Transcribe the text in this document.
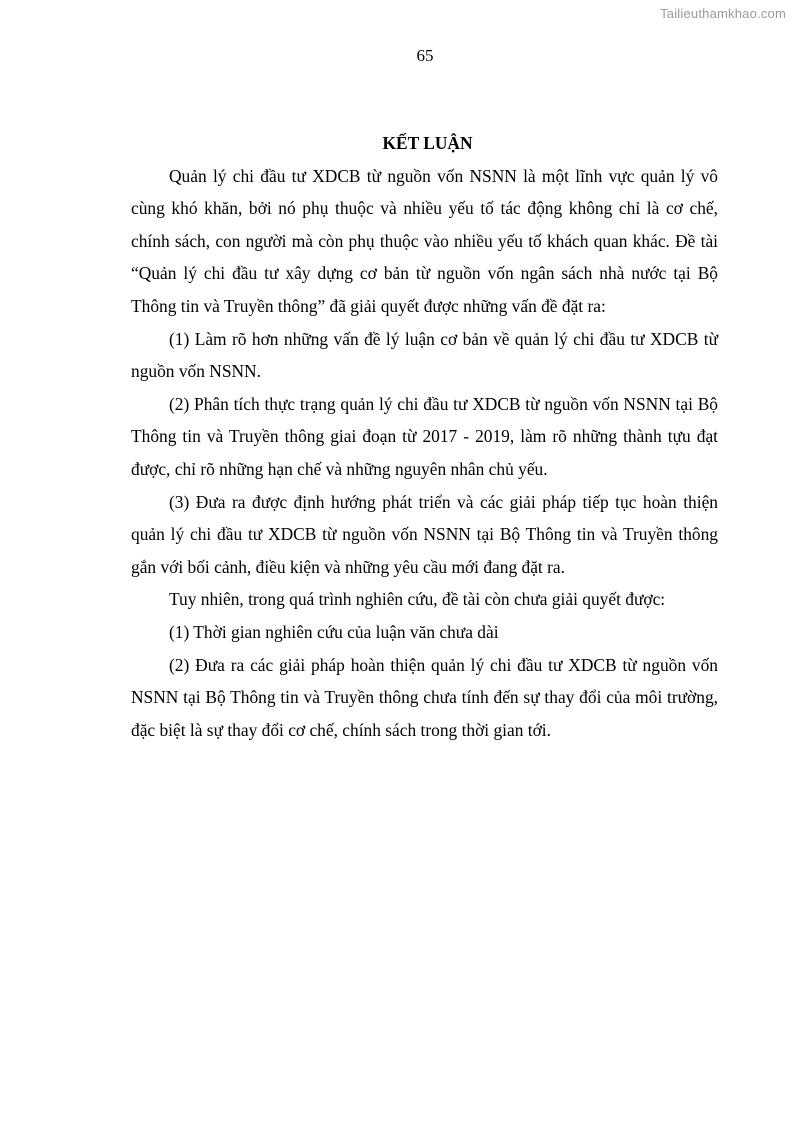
Tailieuthamkhao.com
65
KẾT LUẬN

Quản lý chi đầu tư XDCB từ nguồn vốn NSNN là một lĩnh vực quản lý vô cùng khó khăn, bởi nó phụ thuộc và nhiều yếu tố tác động không chỉ là cơ chế, chính sách, con người mà còn phụ thuộc vào nhiều yếu tố khách quan khác. Đề tài “Quản lý chi đầu tư xây dựng cơ bản từ nguồn vốn ngân sách nhà nước tại Bộ Thông tin và Truyền thông” đã giải quyết được những vấn đề đặt ra:

(1) Làm rõ hơn những vấn đề lý luận cơ bản về quản lý chi đầu tư XDCB từ nguồn vốn NSNN.

(2) Phân tích thực trạng quản lý chi đầu tư XDCB từ nguồn vốn NSNN tại Bộ Thông tin và Truyền thông giai đoạn từ 2017 - 2019, làm rõ những thành tựu đạt được, chỉ rõ những hạn chế và những nguyên nhân chủ yếu.

(3) Đưa ra được định hướng phát triển và các giải pháp tiếp tục hoàn thiện quản lý chi đầu tư XDCB từ nguồn vốn NSNN tại Bộ Thông tin và Truyền thông gắn với bối cảnh, điều kiện và những yêu cầu mới đang đặt ra.

Tuy nhiên, trong quá trình nghiên cứu, đề tài còn chưa giải quyết được:

(1) Thời gian nghiên cứu của luận văn chưa dài

(2) Đưa ra các giải pháp hoàn thiện quản lý chi đầu tư XDCB từ nguồn vốn NSNN tại Bộ Thông tin và Truyền thông chưa tính đến sự thay đổi của môi trường, đặc biệt là sự thay đổi cơ chế, chính sách trong thời gian tới.
